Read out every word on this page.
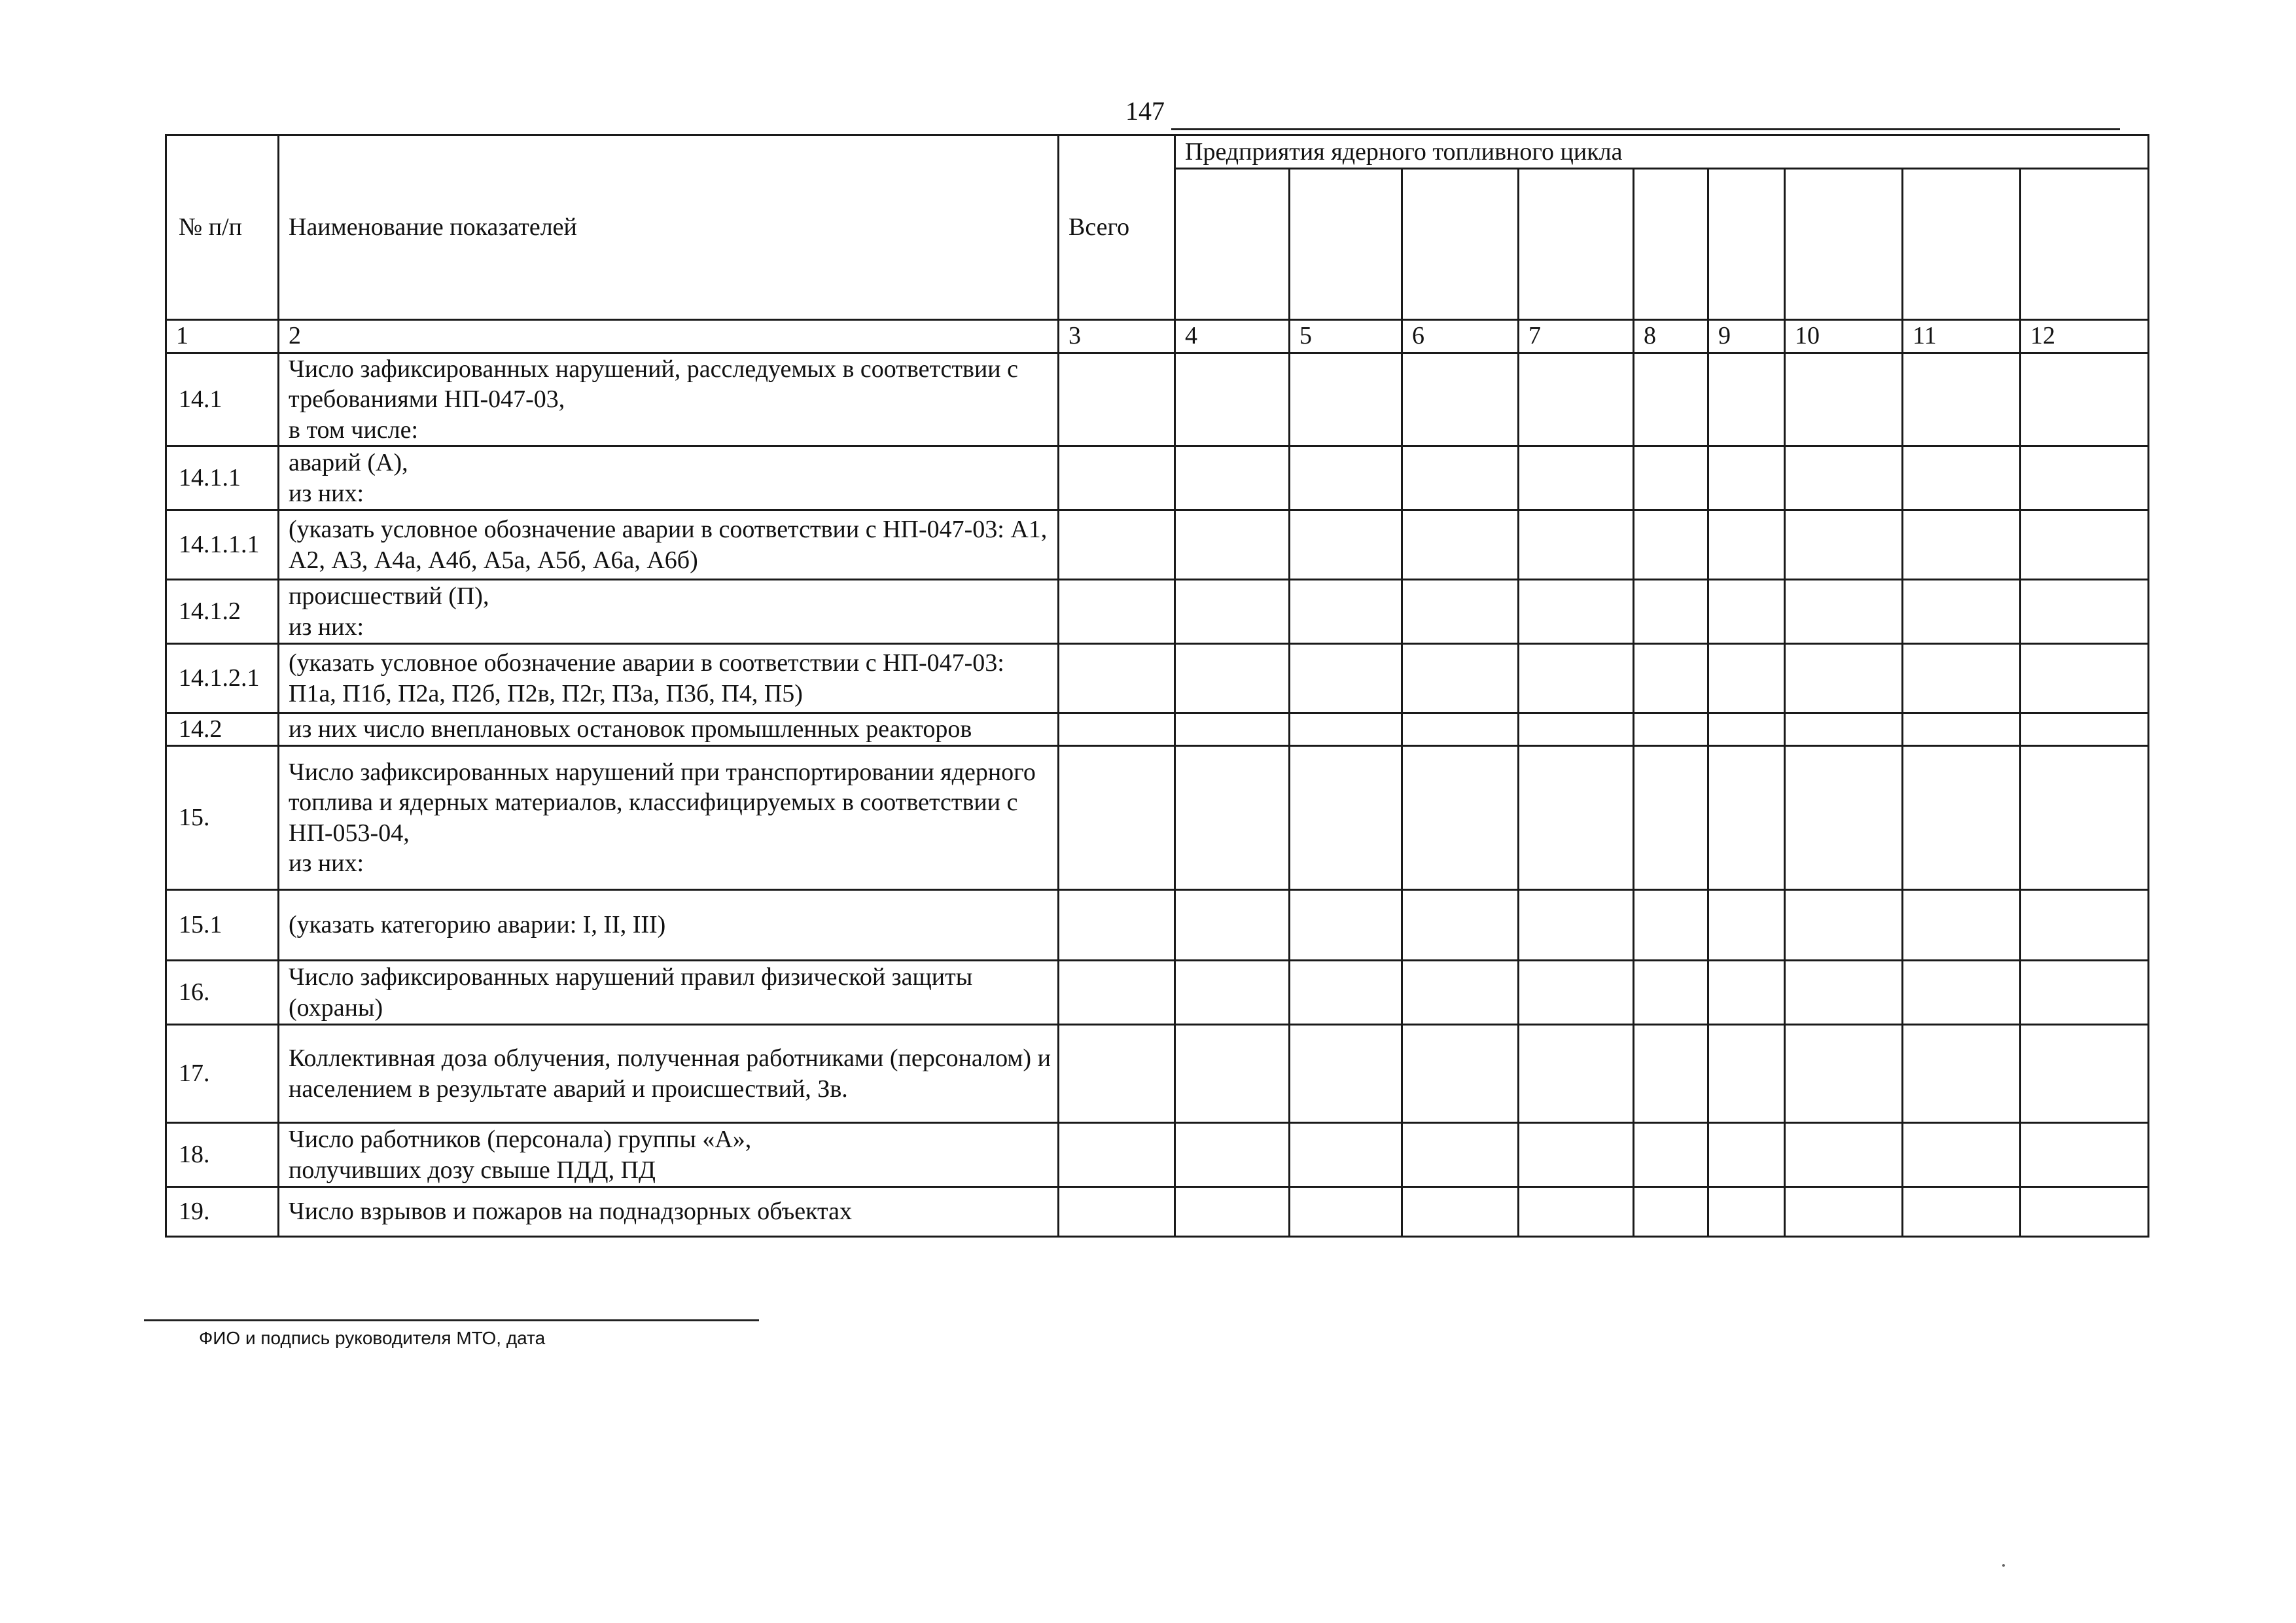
147
№ п/п	Наименование показателей	Всего	Предприятия ядерного топливного цикла								

1	2	3	4	5	6	7	8	9	10	11	12
14.1	Число зафиксированных нарушений, расследуемых в соответствии с требованиями НП-047-03,
в том числе:										
14.1.1	аварий (А),
из них:										
14.1.1.1	(указать условное обозначение аварии в соответствии с НП-047-03: А1, А2, А3, А4а, А4б, А5а, А5б, А6а, А6б)										
14.1.2	происшествий (П),
из них:										
14.1.2.1	(указать условное обозначение аварии в соответствии с НП-047-03: П1а, П1б, П2а, П2б, П2в, П2г, П3а, П3б, П4, П5)										
14.2	из них число внеплановых остановок промышленных реакторов										
15.	Число зафиксированных нарушений при транспортировании ядерного топлива и ядерных материалов, классифицируемых в соответствии с НП-053-04,
из них:										
15.1	(указать категорию аварии: I, II, III)										
16.	Число зафиксированных нарушений правил физической защиты (охраны)										
17.	Коллективная доза облучения, полученная работниками (персоналом) и населением в результате аварий и происшествий, Зв.										
18.	Число работников (персонала) группы «А»,
получивших дозу свыше ПДД, ПД										
19.	Число взрывов и пожаров на поднадзорных объектах										
ФИО и подпись руководителя МТО, дата
